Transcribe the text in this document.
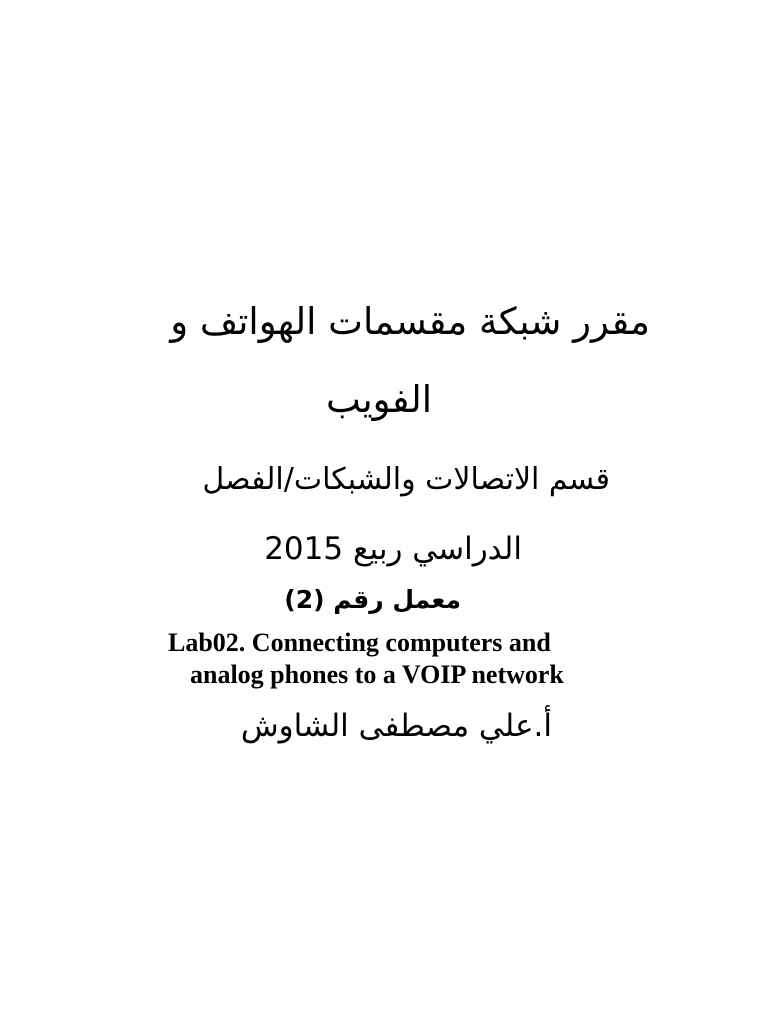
مقرر شبكة مقسمات الهواتف و
الفويب
قسم الاتصالات والشبكات/الفصل
الدراسي ربيع 2015
معمل رقم (2)
Lab02. Connecting computers and
analog phones to a VOIP network
أ.علي مصطفى الشاوش
